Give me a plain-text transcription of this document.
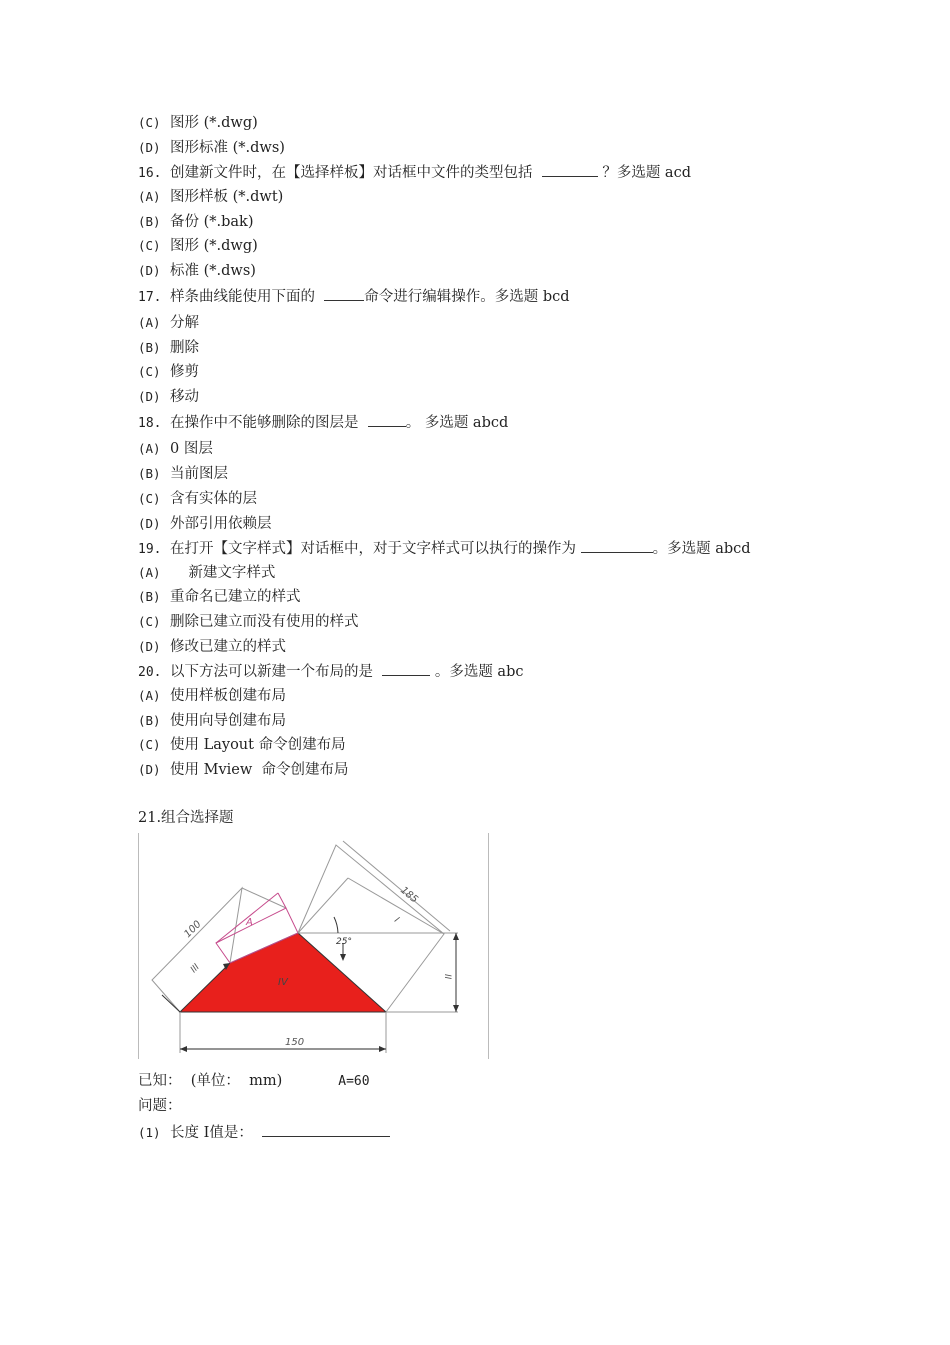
(C) 图形 (*.dwg)
(D) 图形标准 (*.dws)
16. 创建新文件时，在【选择样板】对话框中文件的类型包括	？多选题 acd
(A) 图形样板 (*.dwt)
(B) 备份 (*.bak)
(C) 图形 (*.dwg)
(D) 标准 (*.dws)
17. 样条曲线能使用下面的	命令进行编辑操作。多选题 bcd
(A) 分解
(B) 删除
(C) 修剪
(D) 移动
18. 在操作中不能够删除的图层是	。 多选题 abcd
(A) 0 图层
(B) 当前图层
(C) 含有实体的层
(D) 外部引用依赖层
19. 在打开【文字样式】对话框中，对于文字样式可以执行的操作为	。多选题 abcd
(A)    新建文字样式
(B) 重命名已建立的样式
(C) 删除已建立而没有使用的样式
(D) 修改已建立的样式
20. 以下方法可以新建一个布局的是	。多选题 abc
(A) 使用样板创建布局
(B) 使用向导创建布局
(C) 使用 Layout 命令创建布局
(D) 使用 Mview  命令创建布局
21.组合选择题
150
100
185
A
III
I
II
IV
25°
已知：  (单位：  mm)	A=60
问题：
(1) 长度 I值是：
